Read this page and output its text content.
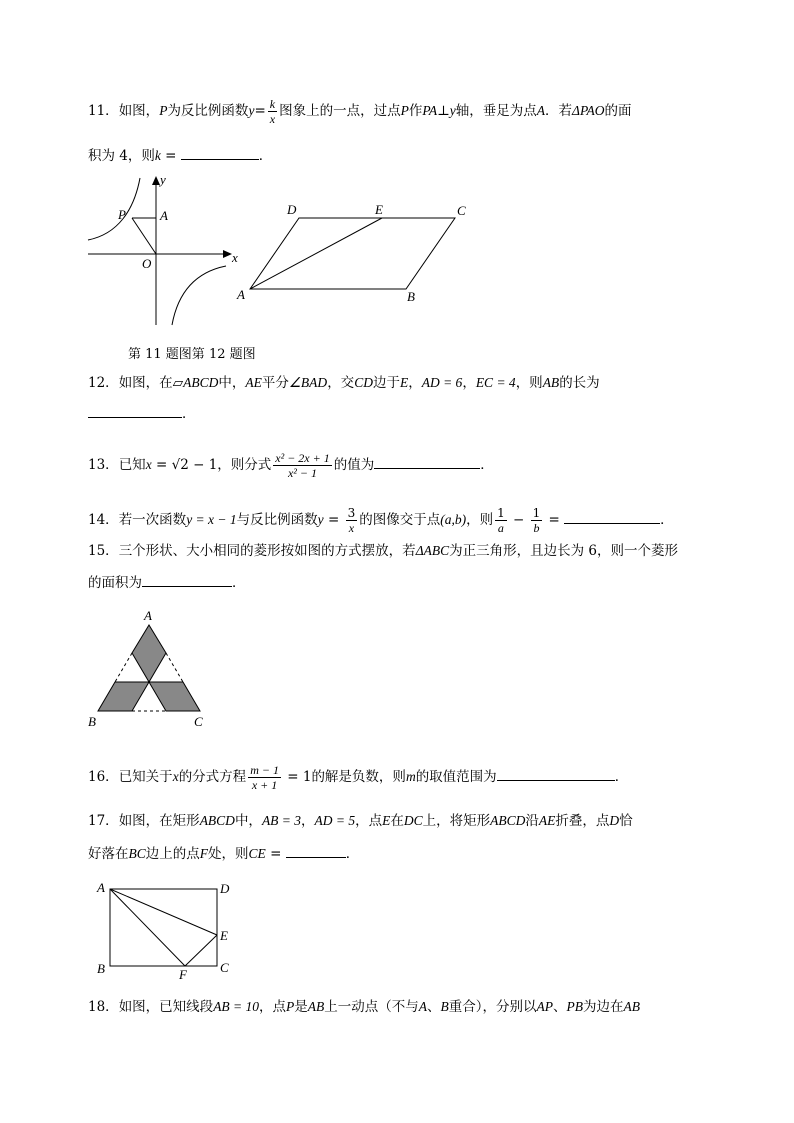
11．如图，P为反比例函数$y= \frac{k}{x}$ 图象上的一点，过点P作PA⊥y轴，垂足为点A．若ΔPAO的面
积为 4，则k =	．
y
x
P	A
O
D	E	C
A	B
第 11 题图第 12 题图
12．如图，在▱ABCD中，AE平分∠BAD，交CD边于E，AD = 6，EC = 4，则AB的长为
．
13．已知x = √2 − 1，则分式 $\frac{\text{x² − 2x + 1}}{\text{x² − 1}}$ 的值为	．
14．若一次函数y = x − 1与反比例函数$y = \frac{3}{x}$ 的图像交于点(a,b)，则 $\frac{1}{a} - \frac{1}{b}$ =	．
15．三个形状、大小相同的菱形按如图的方式摆放，若ΔABC为正三角形，且边长为 6，则一个菱形
的面积为	．
A
B	C
16．已知关于x的分式方程 $\frac{m - 1}{x + 1} = 1$的解是负数，则m的取值范围为	．
17．如图，在矩形ABCD中，AB = 3，AD = 5，点E在DC上，将矩形ABCD沿AE折叠，点D恰
好落在BC边上的点F处，则CE =	．
A	D
E
B	F	C
18．如图，已知线段AB = 10，点P是AB上一动点（不与A、B重合），分别以AP、PB为边在AB
